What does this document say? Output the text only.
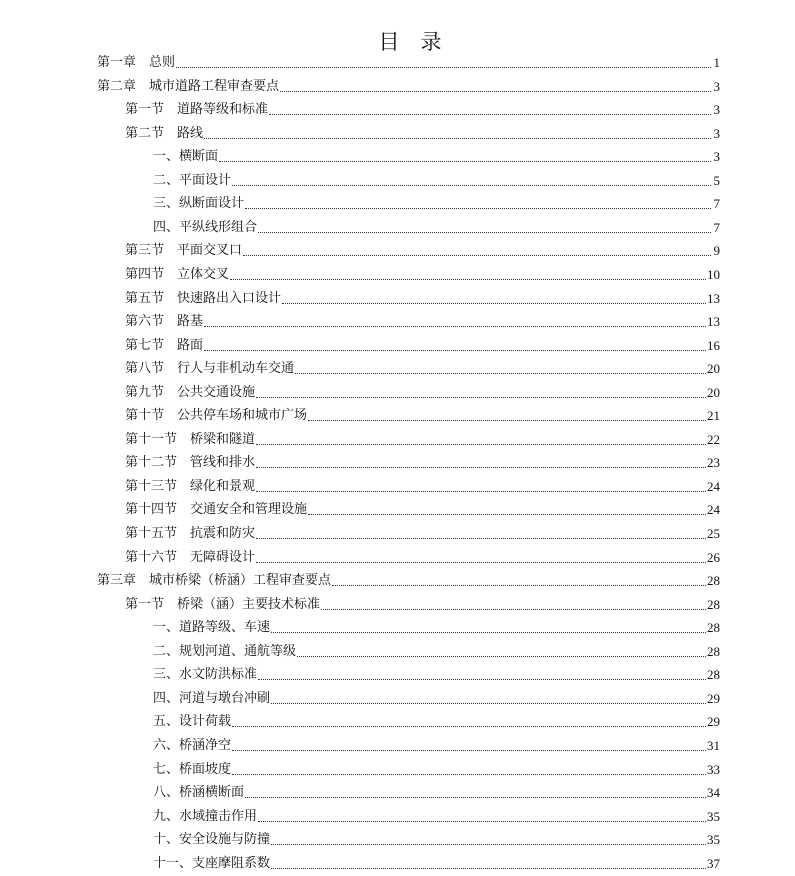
目　录
第一章　总则	1
第二章　城市道路工程审查要点	3
第一节　道路等级和标准	3
第二节　路线	3
一、横断面	3
二、平面设计	5
三、纵断面设计	7
四、平纵线形组合	7
第三节　平面交叉口	9
第四节　立体交叉	10
第五节　快速路出入口设计	13
第六节　路基	13
第七节　路面	16
第八节　行人与非机动车交通	20
第九节　公共交通设施	20
第十节　公共停车场和城市广场	21
第十一节　桥梁和隧道	22
第十二节　管线和排水	23
第十三节　绿化和景观	24
第十四节　交通安全和管理设施	24
第十五节　抗震和防灾	25
第十六节　无障碍设计	26
第三章　城市桥梁（桥涵）工程审查要点	28
第一节　桥梁（涵）主要技术标准	28
一、道路等级、车速	28
二、规划河道、通航等级	28
三、水文防洪标准	28
四、河道与墩台冲刷	29
五、设计荷载	29
六、桥涵净空	31
七、桥面坡度	33
八、桥涵横断面	34
九、水域撞击作用	35
十、安全设施与防撞	35
十一、支座摩阻系数	37
